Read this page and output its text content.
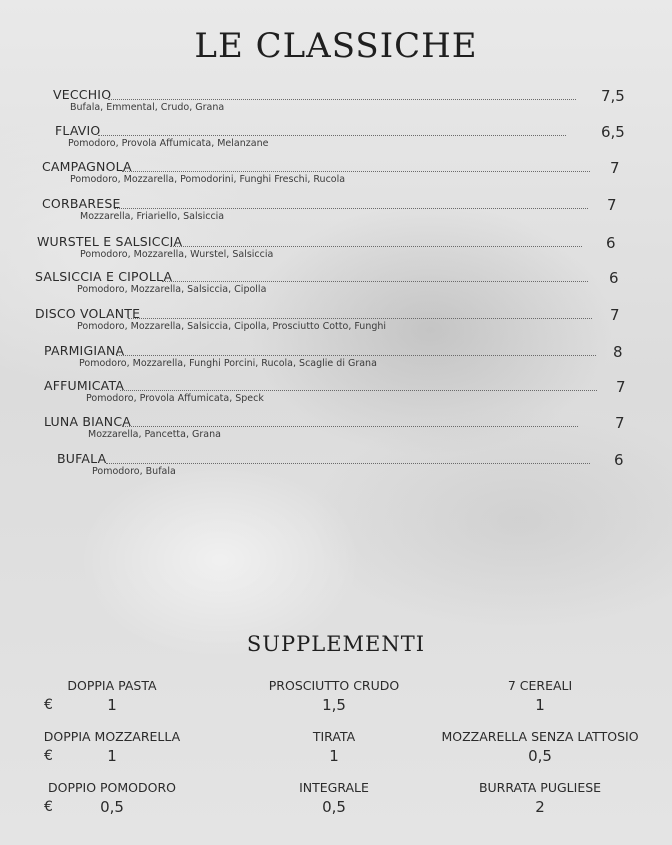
LE CLASSICHE
VECCHIO
Bufala, Emmental, Crudo, Grana
7,5
FLAVIO
Pomodoro, Provola Affumicata, Melanzane
6,5
CAMPAGNOLA
Pomodoro, Mozzarella, Pomodorini, Funghi Freschi, Rucola
7
CORBARESE
Mozzarella, Friariello, Salsiccia
7
WURSTEL E SALSICCIA
Pomodoro, Mozzarella, Wurstel, Salsiccia
6
SALSICCIA E CIPOLLA
Pomodoro, Mozzarella, Salsiccia, Cipolla
6
DISCO VOLANTE
Pomodoro, Mozzarella, Salsiccia, Cipolla, Prosciutto Cotto, Funghi
7
PARMIGIANA
Pomodoro, Mozzarella, Funghi Porcini, Rucola, Scaglie di Grana
8
AFFUMICATA
Pomodoro, Provola Affumicata, Speck
7
LUNA BIANCA
Mozzarella, Pancetta, Grana
7
BUFALA
Pomodoro, Bufala
6
SUPPLEMENTI
€
DOPPIA PASTA
1
PROSCIUTTO CRUDO
1,5
7 CEREALI
1
€
DOPPIA MOZZARELLA
1
TIRATA
1
MOZZARELLA SENZA LATTOSIO
0,5
€
DOPPIO POMODORO
0,5
INTEGRALE
0,5
BURRATA PUGLIESE
2
